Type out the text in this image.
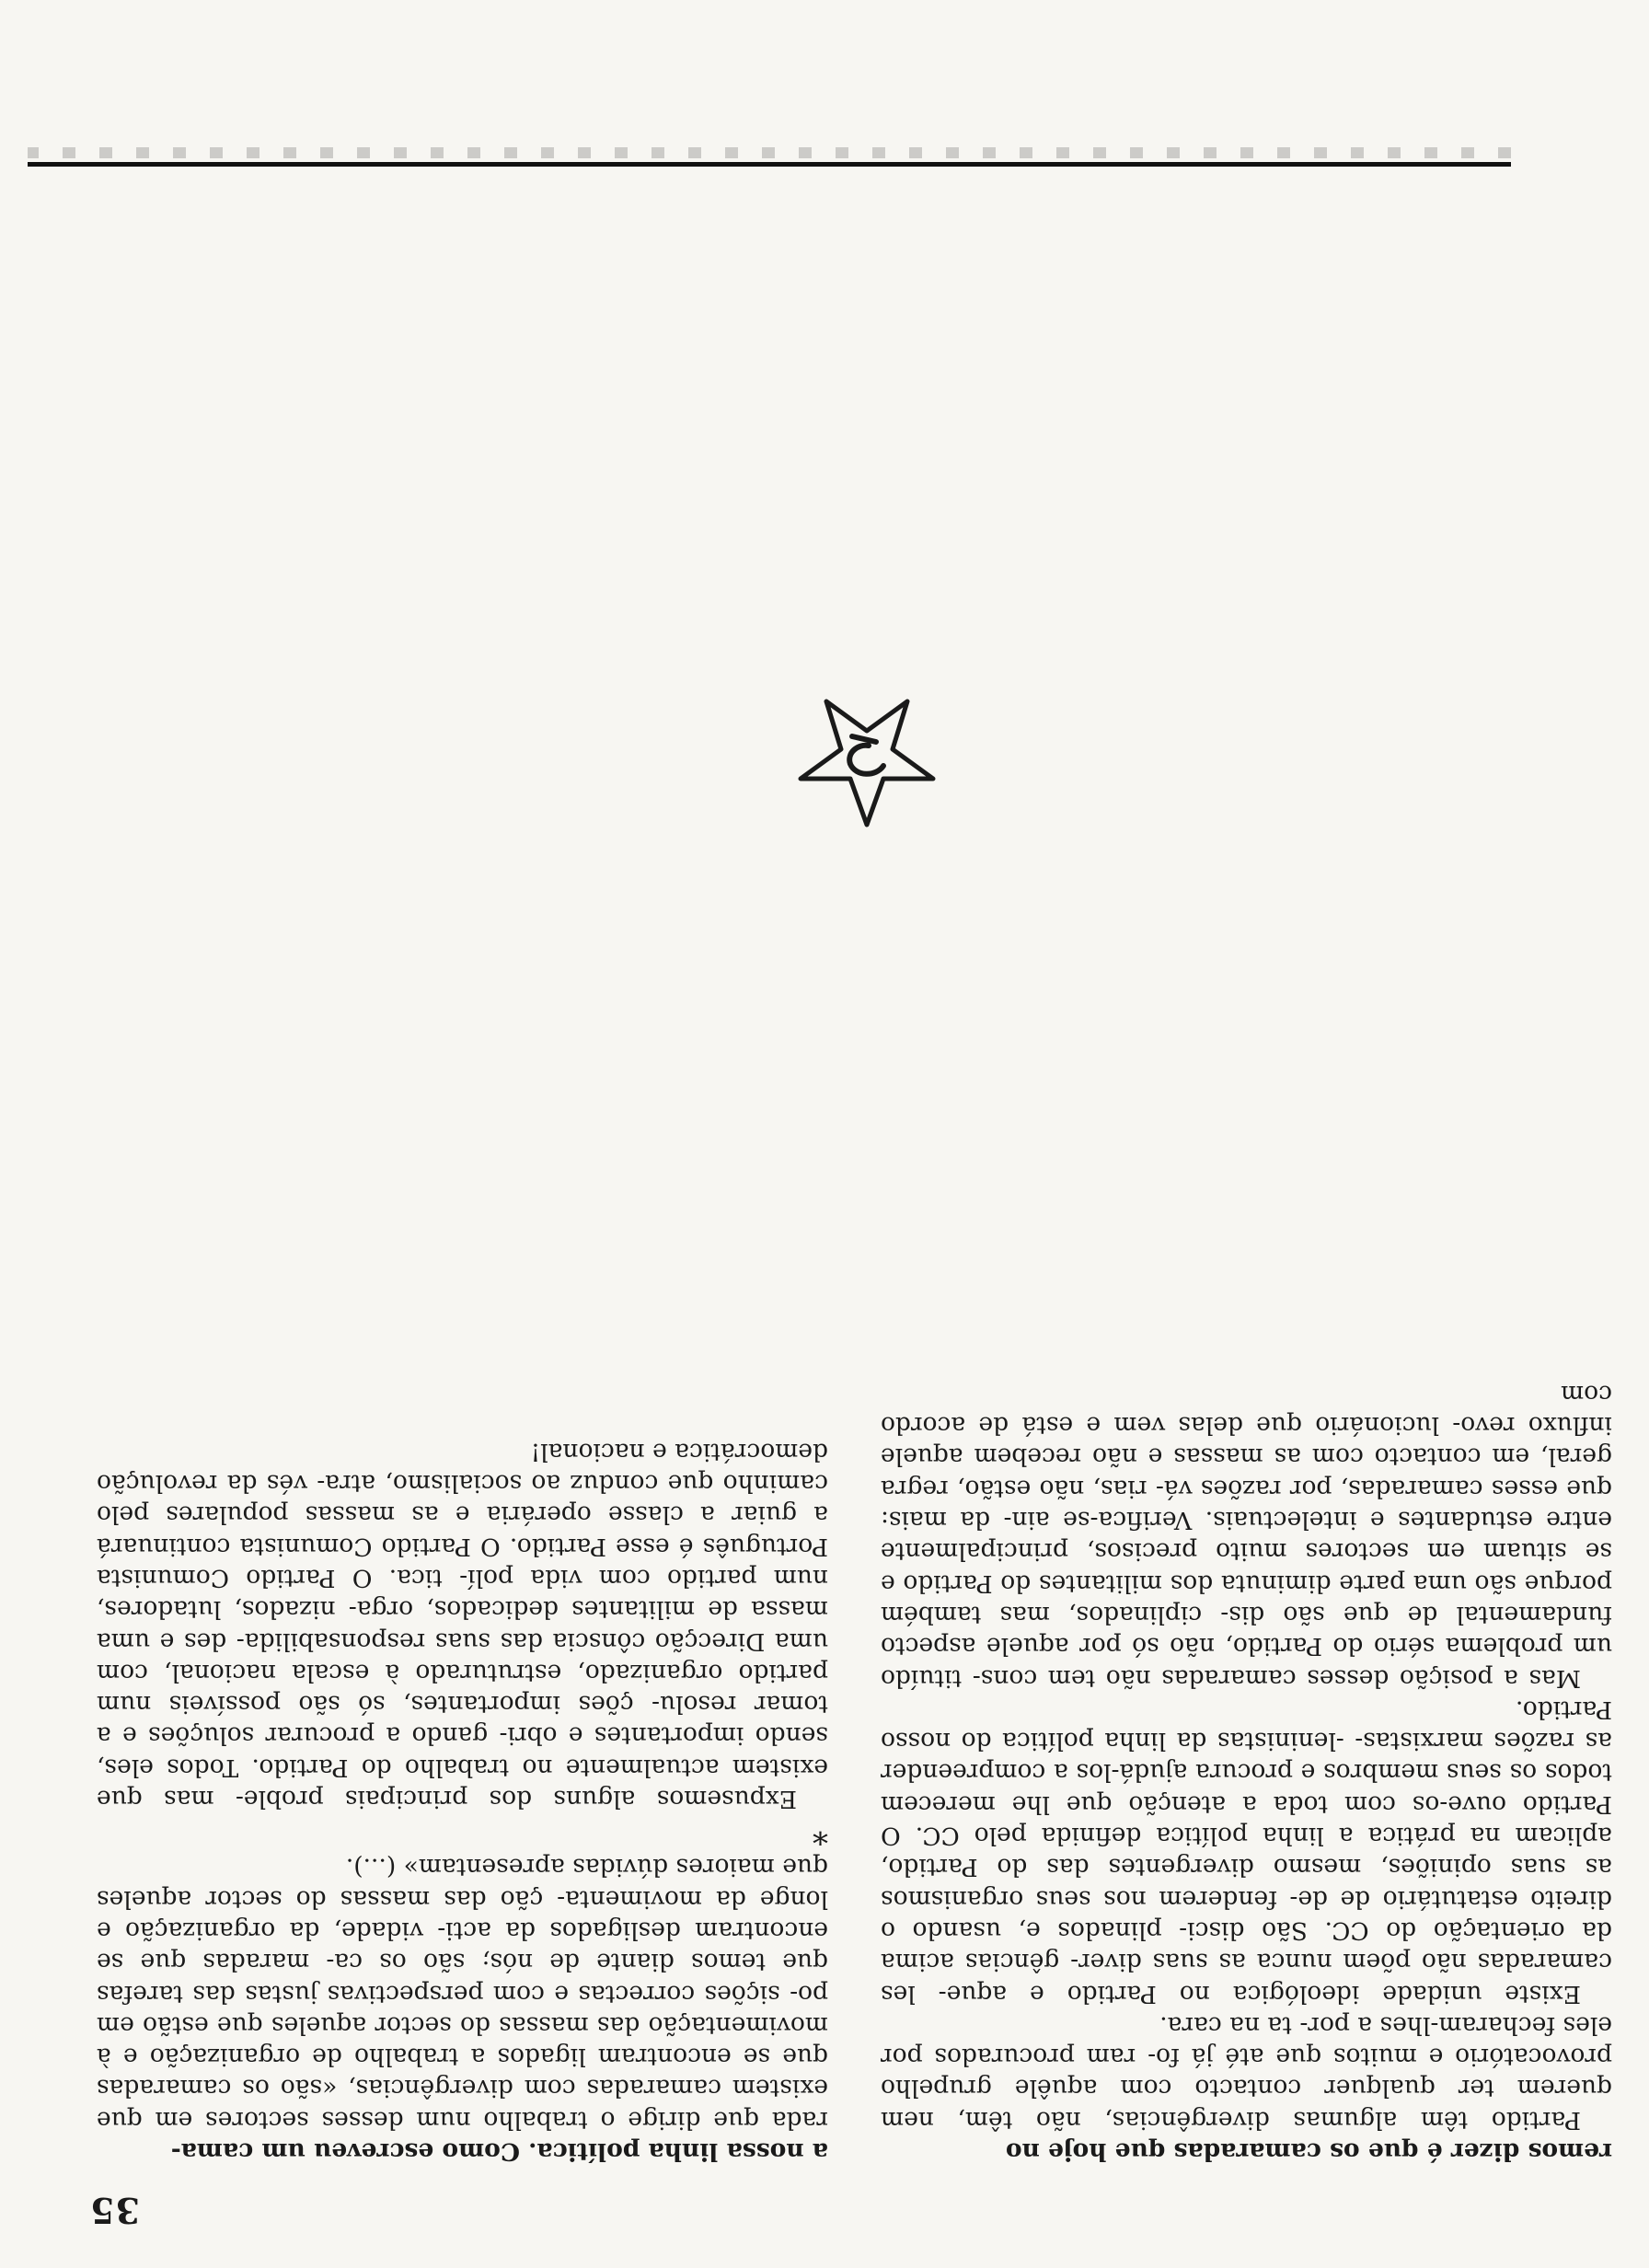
35

remos dizer é que os camaradas que hoje no

Partido têm algumas divergências, não têm, nem querem ter qualquer contacto com aquêle grupelho provocatório e muitos que até já fo- ram procurados por eles fecharam-lhes a por- ta na cara.

Existe unidade ideológica no Partido e aque- les camaradas não põem nunca as suas diver- gências acima da orientação do CC. São disci- plinados e, usando o direito estatutário de de- fenderem nos seus organismos as suas opiniões, mesmo divergentes das do Partido, aplicam na prática a linha política definida pelo CC. O Partido ouve-os com toda a atenção que lhe merecem todos os seus membros e procura ajudá-los a compreender as razões marxistas- -leninistas da linha política do nosso Partido.

Mas a posição desses camaradas não tem cons- tituído um problema sério do Partido, não só por aquele aspecto fundamental de que são dis- ciplinados, mas também porque são uma parte diminuta dos militantes do Partido e se situam em sectores muito precisos, principalmente entre estudantes e intelectuais. Verifica-se ain- da mais: que esses camaradas, por razões vá- rias, não estão, regra geral, em contacto com as massas e não recebem aquele influxo revo- lucionário que delas vem e está de acordo com

a nossa linha política. Como escreveu um cama-

rada que dirige o trabalho num desses sectores em que existem camaradas com divergências, «são os camaradas que se encontram ligados a trabalho de organização e à movimentação das massas do sector aqueles que estão em po- sições correctas e com perspectivas justas das tarefas que temos diante de nós; são os ca- maradas que se encontram desligados da acti- vidade, da organização e longe da movimenta- ção das massas do sector aqueles que maiores dúvidas apresentam» (...).

*

Expusemos alguns dos principais proble- mas que existem actualmente no trabalho do Partido. Todos eles, sendo importantes e obri- gando a procurar soluções e a tomar resolu- ções importantes, só são possíveis num partido organizado, estruturado à escala nacional, com uma Direcção cônscia das suas responsabilida- des e uma massa de militantes dedicados, orga- nizados, lutadores, num partido com vida polí- tica. O Partido Comunista Português é esse Partido. O Partido Comunista continuará a guiar a classe operária e as massas populares pelo caminho que conduz ao socialismo, atra- vés da revolução democrática e nacional!
